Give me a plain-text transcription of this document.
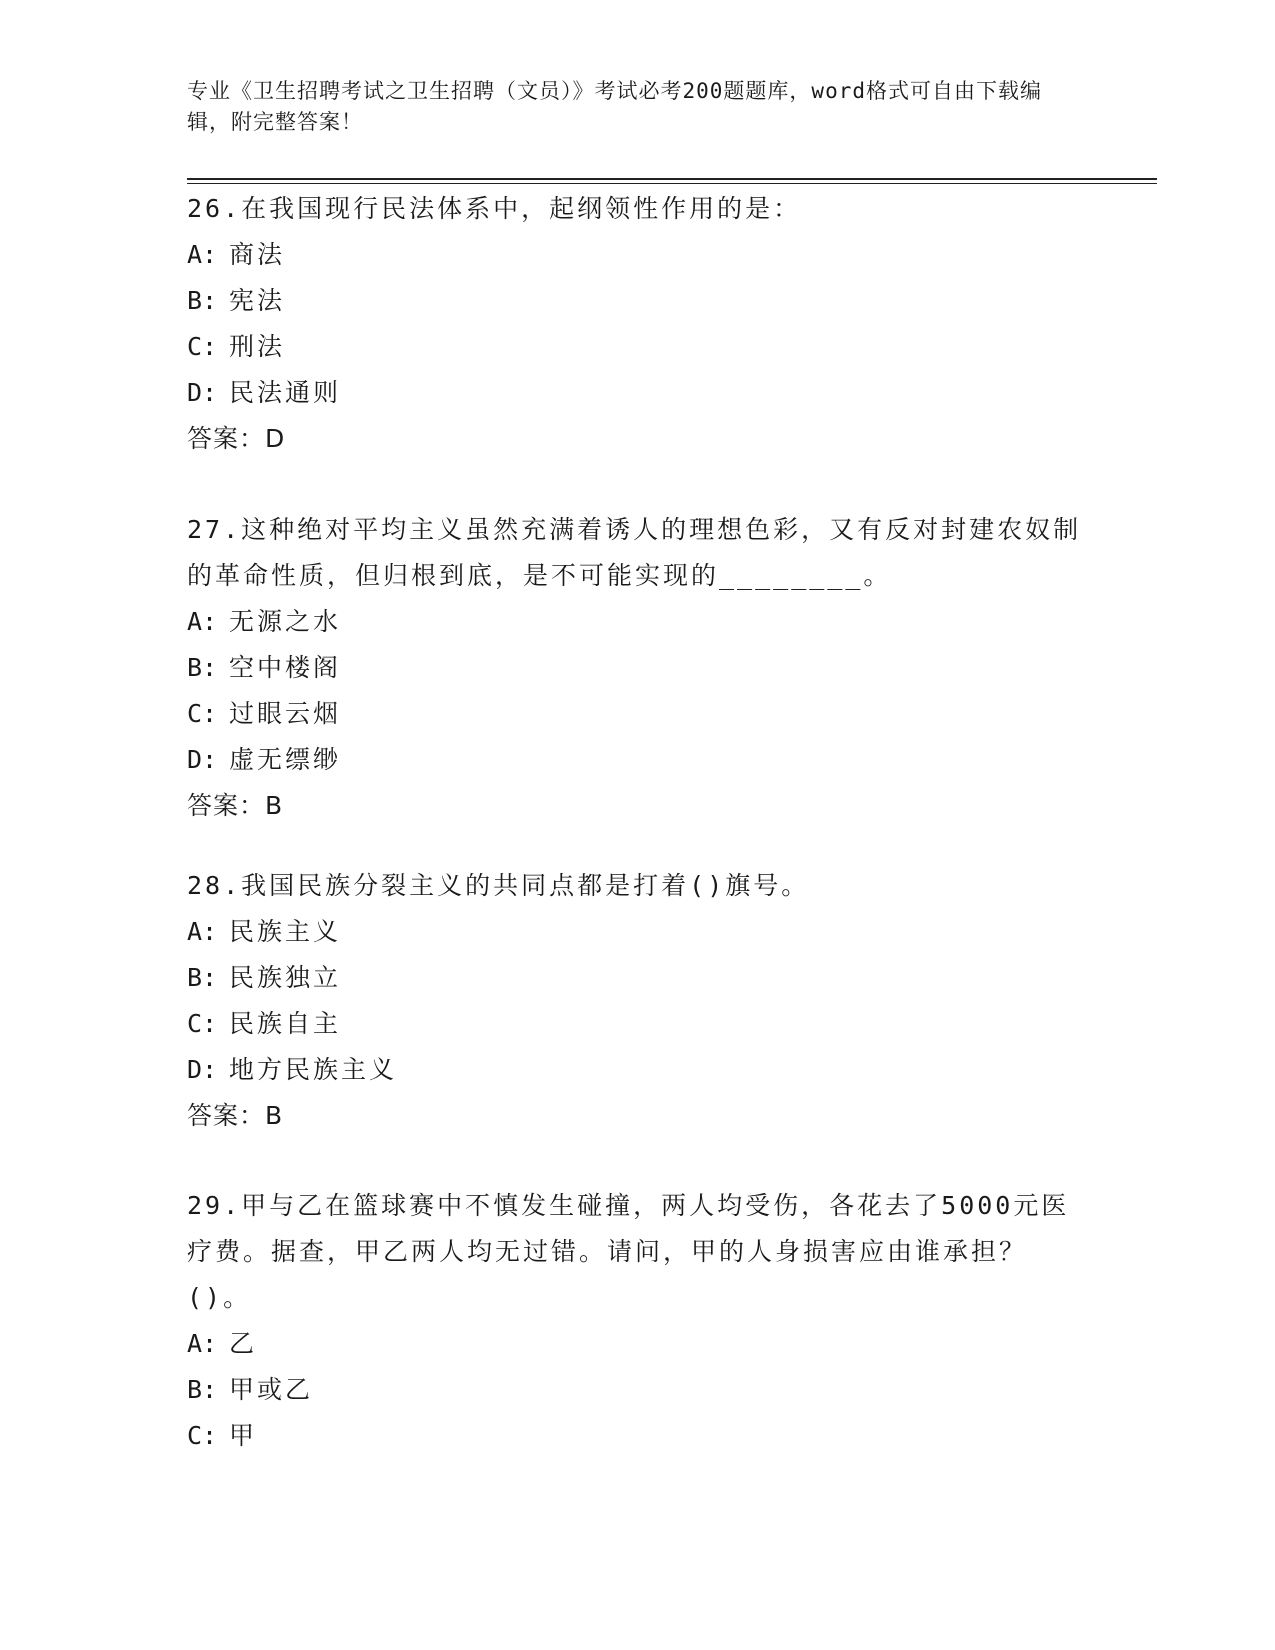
专业《卫生招聘考试之卫生招聘（文员）》考试必考200题题库，word格式可自由下载编辑，附完整答案！

26.在我国现行民法体系中，起纲领性作用的是：

A: 商法

B: 宪法

C: 刑法

D: 民法通则

答案：D

27.这种绝对平均主义虽然充满着诱人的理想色彩，又有反对封建农奴制的革命性质，但归根到底，是不可能实现的________。

A: 无源之水

B: 空中楼阁

C: 过眼云烟

D: 虚无缥缈

答案：B

28.我国民族分裂主义的共同点都是打着()旗号。

A: 民族主义

B: 民族独立

C: 民族自主

D: 地方民族主义

答案：B

29.甲与乙在篮球赛中不慎发生碰撞，两人均受伤，各花去了5000元医疗费。据查，甲乙两人均无过错。请问，甲的人身损害应由谁承担？()。

A: 乙

B: 甲或乙

C: 甲
